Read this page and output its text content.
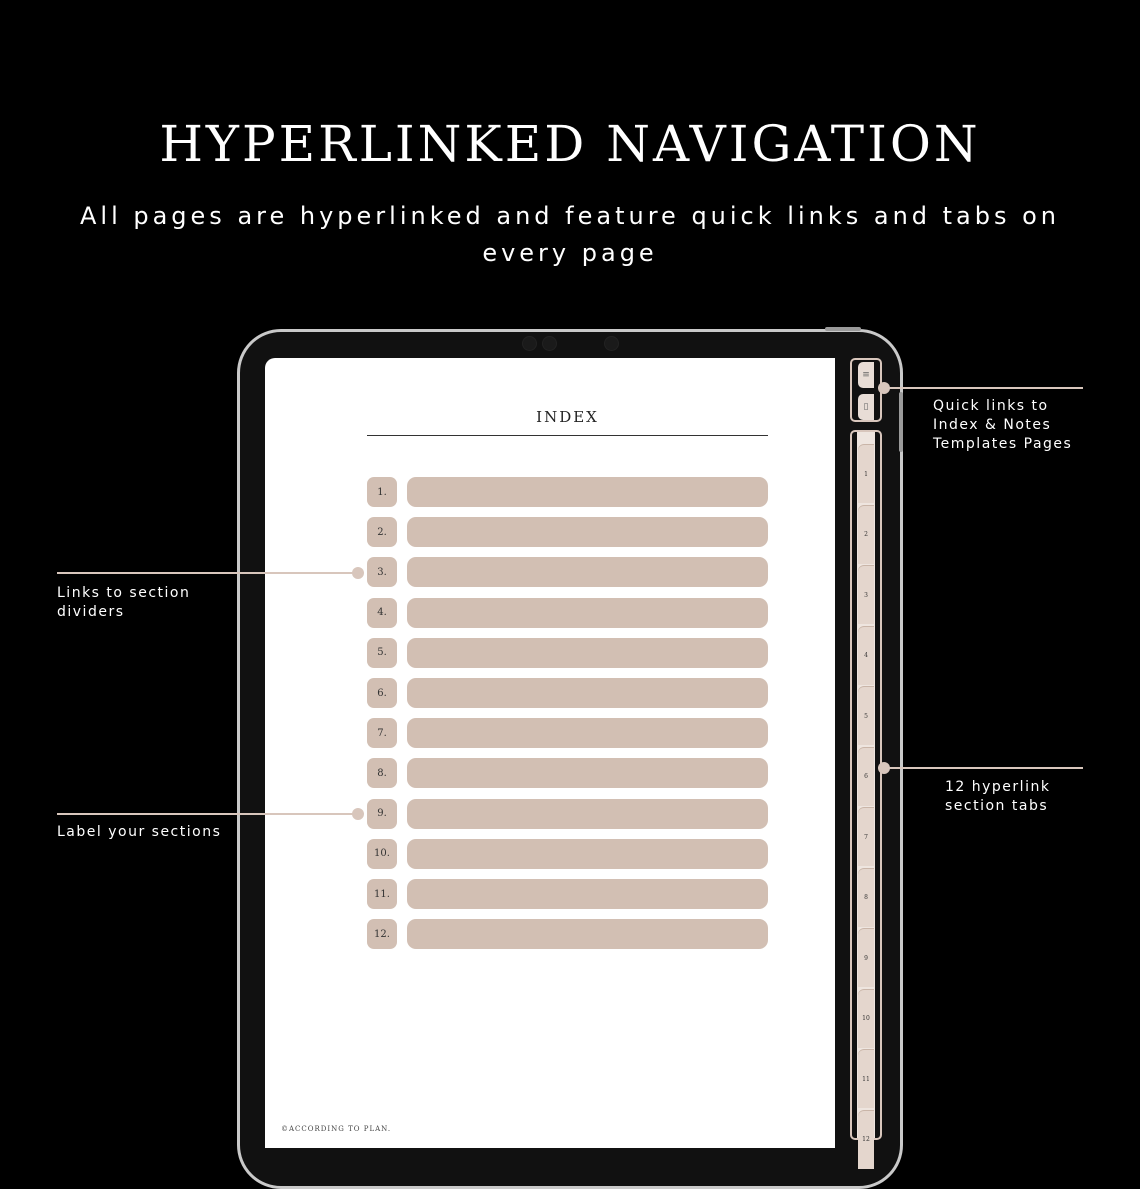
HYPERLINKED NAVIGATION

All pages are hyperlinked and feature quick links and tabs on every page

INDEX
1.
2.
3.
4.
5.
6.
7.
8.
9.
10.
11.
12.
©ACCORDING TO PLAN.
≡
▯
1
2
3
4
5
6
7
8
9
10
11
12
Quick links to
Index & Notes
Templates Pages
12 hyperlink
section tabs
Links to section
dividers
Label your sections
